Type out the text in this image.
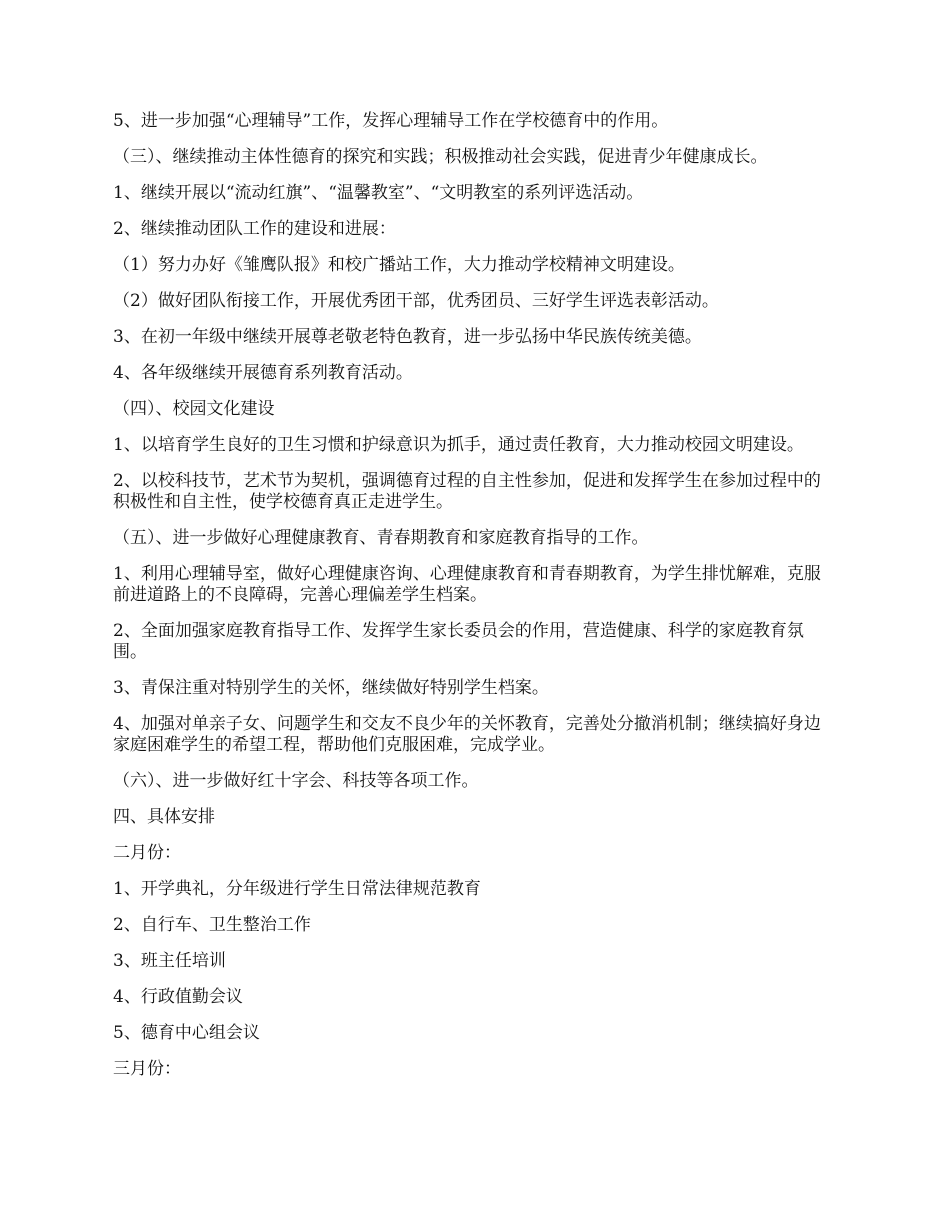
5、进一步加强“心理辅导”工作，发挥心理辅导工作在学校德育中的作用。

（三）、继续推动主体性德育的探究和实践；积极推动社会实践，促进青少年健康成长。

1、继续开展以“流动红旗”、“温馨教室”、“文明教室的系列评选活动。

2、继续推动团队工作的建设和进展：

（1）努力办好《雏鹰队报》和校广播站工作，大力推动学校精神文明建设。

（2）做好团队衔接工作，开展优秀团干部，优秀团员、三好学生评选表彰活动。

3、在初一年级中继续开展尊老敬老特色教育，进一步弘扬中华民族传统美德。

4、各年级继续开展德育系列教育活动。

（四）、校园文化建设

1、以培育学生良好的卫生习惯和护绿意识为抓手，通过责任教育，大力推动校园文明建设。

2、以校科技节，艺术节为契机，强调德育过程的自主性参加，促进和发挥学生在参加过程中的积极性和自主性，使学校德育真正走进学生。

（五）、进一步做好心理健康教育、青春期教育和家庭教育指导的工作。

1、利用心理辅导室，做好心理健康咨询、心理健康教育和青春期教育，为学生排忧解难，克服前进道路上的不良障碍，完善心理偏差学生档案。

2、全面加强家庭教育指导工作、发挥学生家长委员会的作用，营造健康、科学的家庭教育氛围。

3、青保注重对特别学生的关怀，继续做好特别学生档案。

4、加强对单亲子女、问题学生和交友不良少年的关怀教育，完善处分撤消机制；继续搞好身边家庭困难学生的希望工程，帮助他们克服困难，完成学业。

（六）、进一步做好红十字会、科技等各项工作。

四、具体安排

二月份：

1、开学典礼，分年级进行学生日常法律规范教育

2、自行车、卫生整治工作

3、班主任培训

4、行政值勤会议

5、德育中心组会议

三月份：
